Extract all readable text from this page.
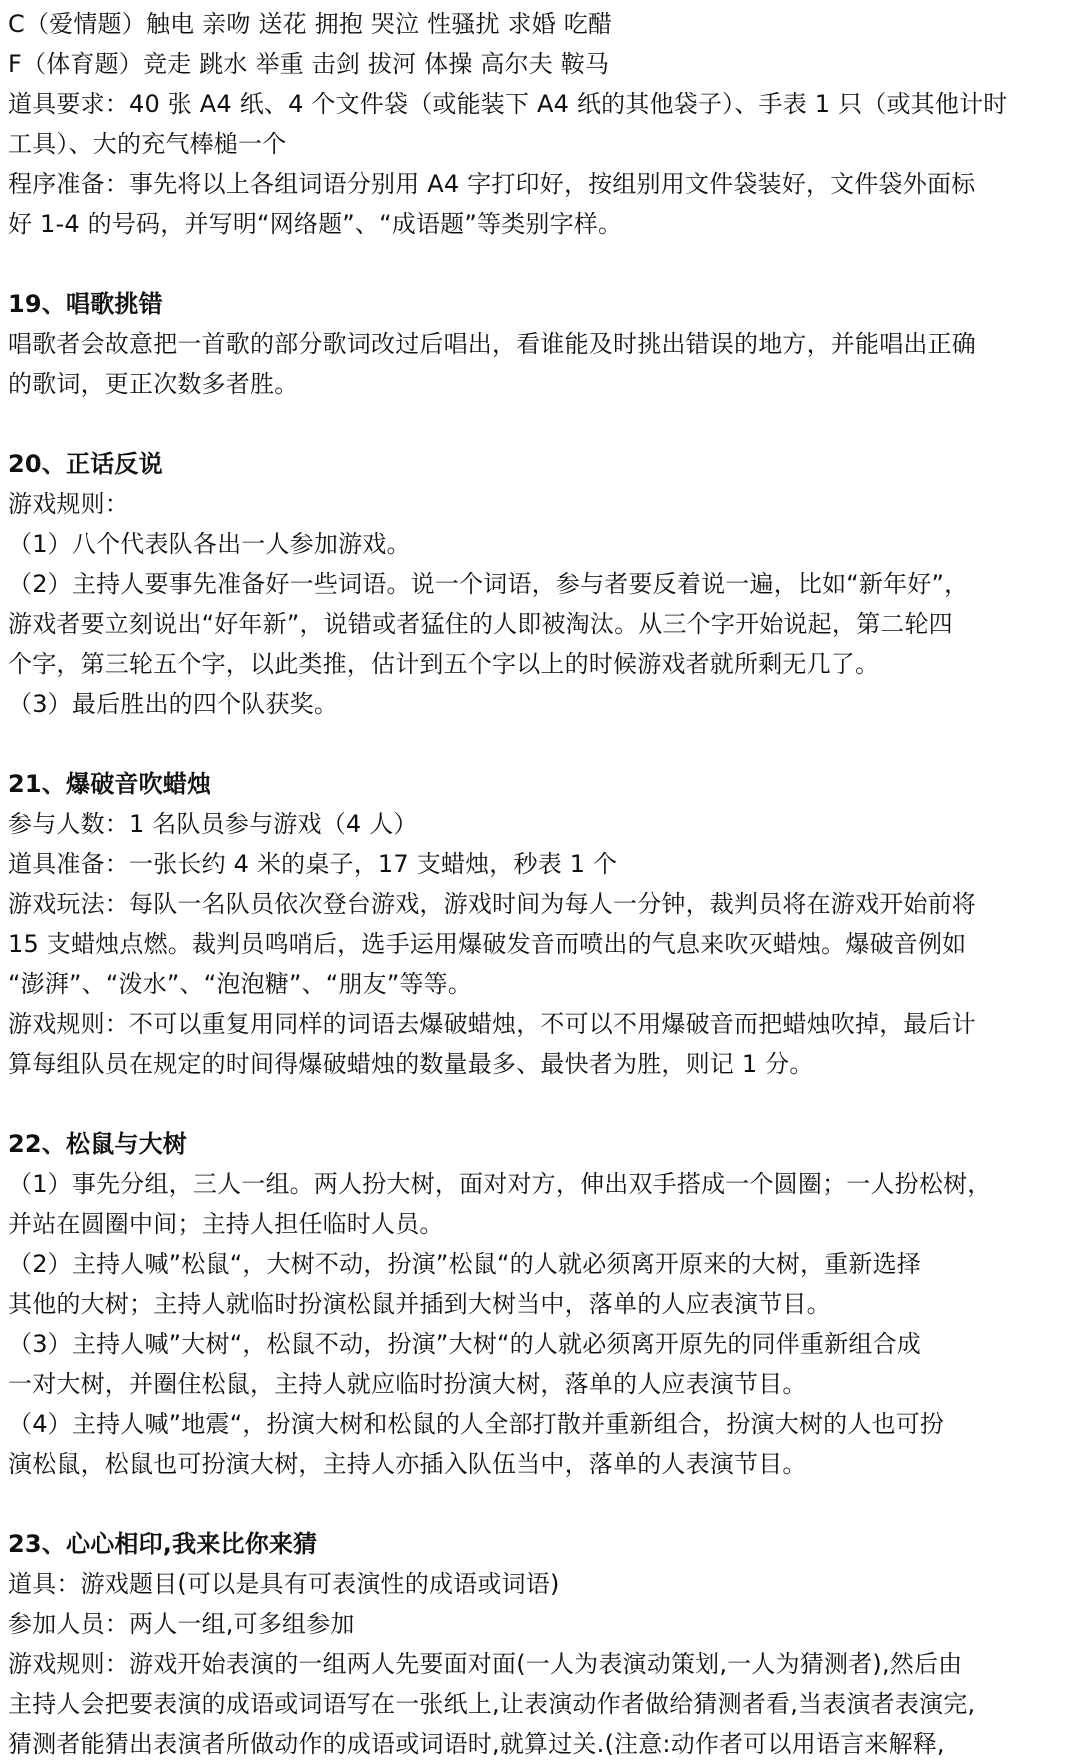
C（爱情题）触电 亲吻 送花 拥抱 哭泣 性骚扰 求婚 吃醋

F（体育题）竞走 跳水 举重 击剑 拔河 体操 高尔夫 鞍马

道具要求：40 张 A4 纸、4 个文件袋（或能装下 A4 纸的其他袋子）、手表 1 只（或其他计时

工具）、大的充气棒槌一个

程序准备：事先将以上各组词语分别用 A4 字打印好，按组别用文件袋装好，文件袋外面标

好 1-4 的号码，并写明“网络题”、“成语题”等类别字样。

19、唱歌挑错

唱歌者会故意把一首歌的部分歌词改过后唱出，看谁能及时挑出错误的地方，并能唱出正确

的歌词，更正次数多者胜。

20、正话反说

游戏规则：

（1）八个代表队各出一人参加游戏。

（2）主持人要事先准备好一些词语。说一个词语，参与者要反着说一遍，比如“新年好”，

游戏者要立刻说出“好年新”，说错或者猛住的人即被淘汰。从三个字开始说起，第二轮四

个字，第三轮五个字，以此类推，估计到五个字以上的时候游戏者就所剩无几了。

（3）最后胜出的四个队获奖。

21、爆破音吹蜡烛

参与人数：1 名队员参与游戏（4 人）

道具准备：一张长约 4 米的桌子，17 支蜡烛，秒表 1 个

游戏玩法：每队一名队员依次登台游戏，游戏时间为每人一分钟，裁判员将在游戏开始前将

15 支蜡烛点燃。裁判员鸣哨后，选手运用爆破发音而喷出的气息来吹灭蜡烛。爆破音例如

“澎湃”、“泼水”、“泡泡糖”、“朋友”等等。

游戏规则：不可以重复用同样的词语去爆破蜡烛，不可以不用爆破音而把蜡烛吹掉，最后计

算每组队员在规定的时间得爆破蜡烛的数量最多、最快者为胜，则记 1 分。

22、松鼠与大树

（1）事先分组，三人一组。两人扮大树，面对对方，伸出双手搭成一个圆圈；一人扮松树，

并站在圆圈中间；主持人担任临时人员。

（2）主持人喊”松鼠“，大树不动，扮演”松鼠“的人就必须离开原来的大树，重新选择

其他的大树；主持人就临时扮演松鼠并插到大树当中，落单的人应表演节目。

（3）主持人喊”大树“，松鼠不动，扮演”大树“的人就必须离开原先的同伴重新组合成

一对大树，并圈住松鼠，主持人就应临时扮演大树，落单的人应表演节目。

（4）主持人喊”地震“，扮演大树和松鼠的人全部打散并重新组合，扮演大树的人也可扮

演松鼠，松鼠也可扮演大树，主持人亦插入队伍当中，落单的人表演节目。

23、心心相印,我来比你来猜

道具：游戏题目(可以是具有可表演性的成语或词语)

参加人员：两人一组,可多组参加

游戏规则：游戏开始表演的一组两人先要面对面(一人为表演动策划,一人为猜测者),然后由

主持人会把要表演的成语或词语写在一张纸上,让表演动作者做给猜测者看,当表演者表演完,

猜测者能猜出表演者所做动作的成语或词语时,就算过关.(注意:动作者可以用语言来解释,
